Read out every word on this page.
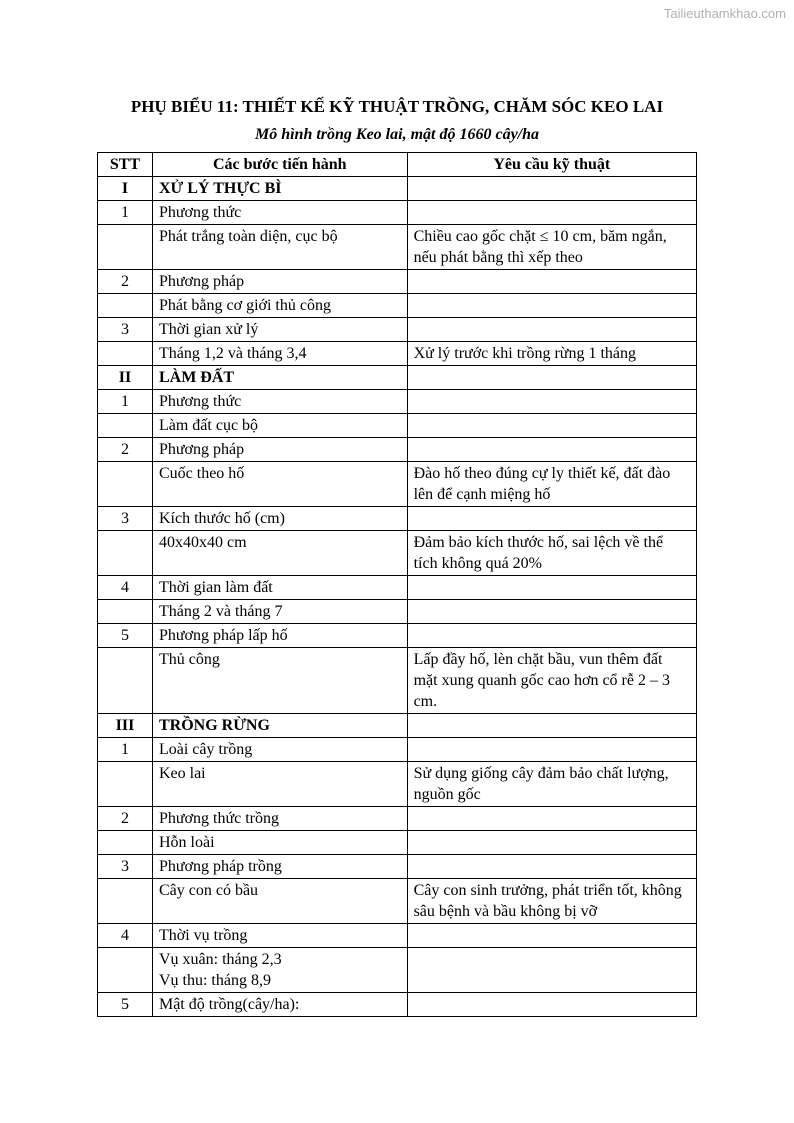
Tailieuthamkhao.com
PHỤ BIỂU 11: THIẾT KẾ KỸ THUẬT TRỒNG, CHĂM SÓC KEO LAI
Mô hình trồng Keo lai, mật độ 1660 cây/ha
STT	Các bước tiến hành	Yêu cầu kỹ thuật
I	XỬ LÝ THỰC BÌ	
1	Phương thức	
	Phát trắng toàn diện, cục bộ	Chiều cao gốc chặt ≤ 10 cm, băm ngắn, nếu phát bằng thì xếp theo
2	Phương pháp	
	Phát bằng cơ giới thủ công	
3	Thời gian xử lý	
	Tháng 1,2 và tháng 3,4	Xử lý trước khi trồng rừng 1 tháng
II	LÀM ĐẤT	
1	Phương thức	
	Làm đất cục bộ	
2	Phương pháp	
	Cuốc theo hố	Đào hố theo đúng cự ly thiết kế, đất đào lên để cạnh miệng hố
3	Kích thước hố (cm)	
	40x40x40 cm	Đảm bảo kích thước hố, sai lệch về thể tích không quá 20%
4	Thời gian làm đất	
	Tháng 2 và tháng 7	
5	Phương pháp lấp hố	
	Thủ công	Lấp đầy hố, lèn chặt bầu, vun thêm đất mặt xung quanh gốc cao hơn cổ rễ 2 – 3 cm.
III	TRỒNG RỪNG	
1	Loài cây trồng	
	Keo lai	Sử dụng giống cây đảm bảo chất lượng, nguồn gốc
2	Phương thức trồng	
	Hỗn loài	
3	Phương pháp trồng	
	Cây con có bầu	Cây con sinh trưởng, phát triển tốt, không sâu bệnh và bầu không bị vỡ
4	Thời vụ trồng	

	Vụ xuân: tháng 2,3
Vụ thu: tháng 8,9	

5	Mật độ trồng(cây/ha):	
